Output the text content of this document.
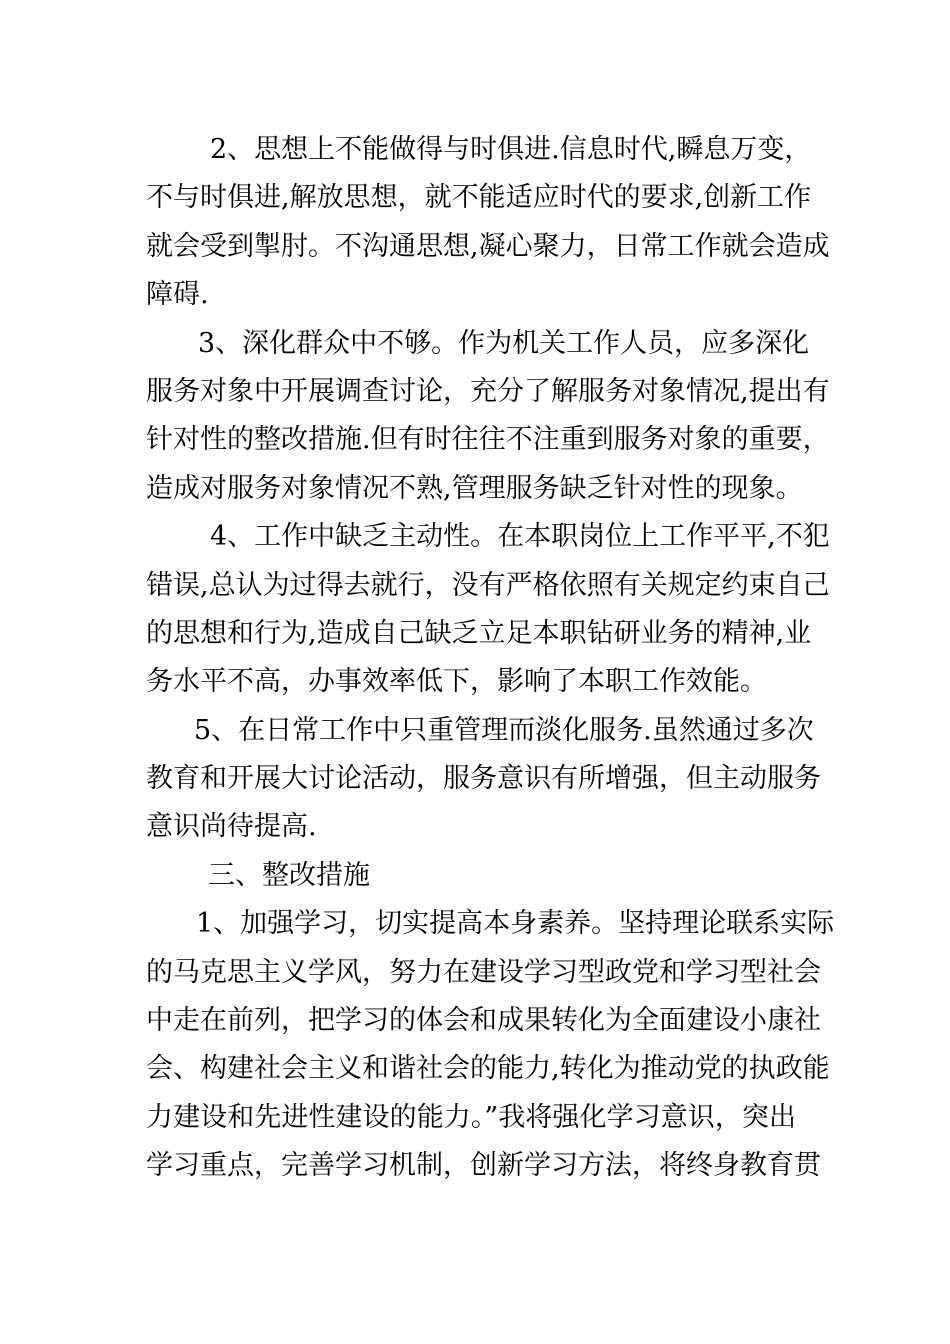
2、思想上不能做得与时俱进.信息时代,瞬息万变，
不与时俱进,解放思想，就不能适应时代的要求,创新工作
就会受到掣肘。不沟通思想,凝心聚力，日常工作就会造成
障碍.
3、深化群众中不够。作为机关工作人员，应多深化
服务对象中开展调查讨论，充分了解服务对象情况,提出有
针对性的整改措施.但有时往往不注重到服务对象的重要，
造成对服务对象情况不熟,管理服务缺乏针对性的现象。
4、工作中缺乏主动性。在本职岗位上工作平平,不犯
错误,总认为过得去就行，没有严格依照有关规定约束自己
的思想和行为,造成自己缺乏立足本职钻研业务的精神,业
务水平不高，办事效率低下，影响了本职工作效能。
5、在日常工作中只重管理而淡化服务.虽然通过多次
教育和开展大讨论活动，服务意识有所增强，但主动服务
意识尚待提高.
三、整改措施
1、加强学习，切实提高本身素养。坚持理论联系实际
的马克思主义学风，努力在建设学习型政党和学习型社会
中走在前列，把学习的体会和成果转化为全面建设小康社
会、构建社会主义和谐社会的能力,转化为推动党的执政能
力建设和先进性建设的能力。”我将强化学习意识，突出
学习重点，完善学习机制，创新学习方法，将终身教育贯
